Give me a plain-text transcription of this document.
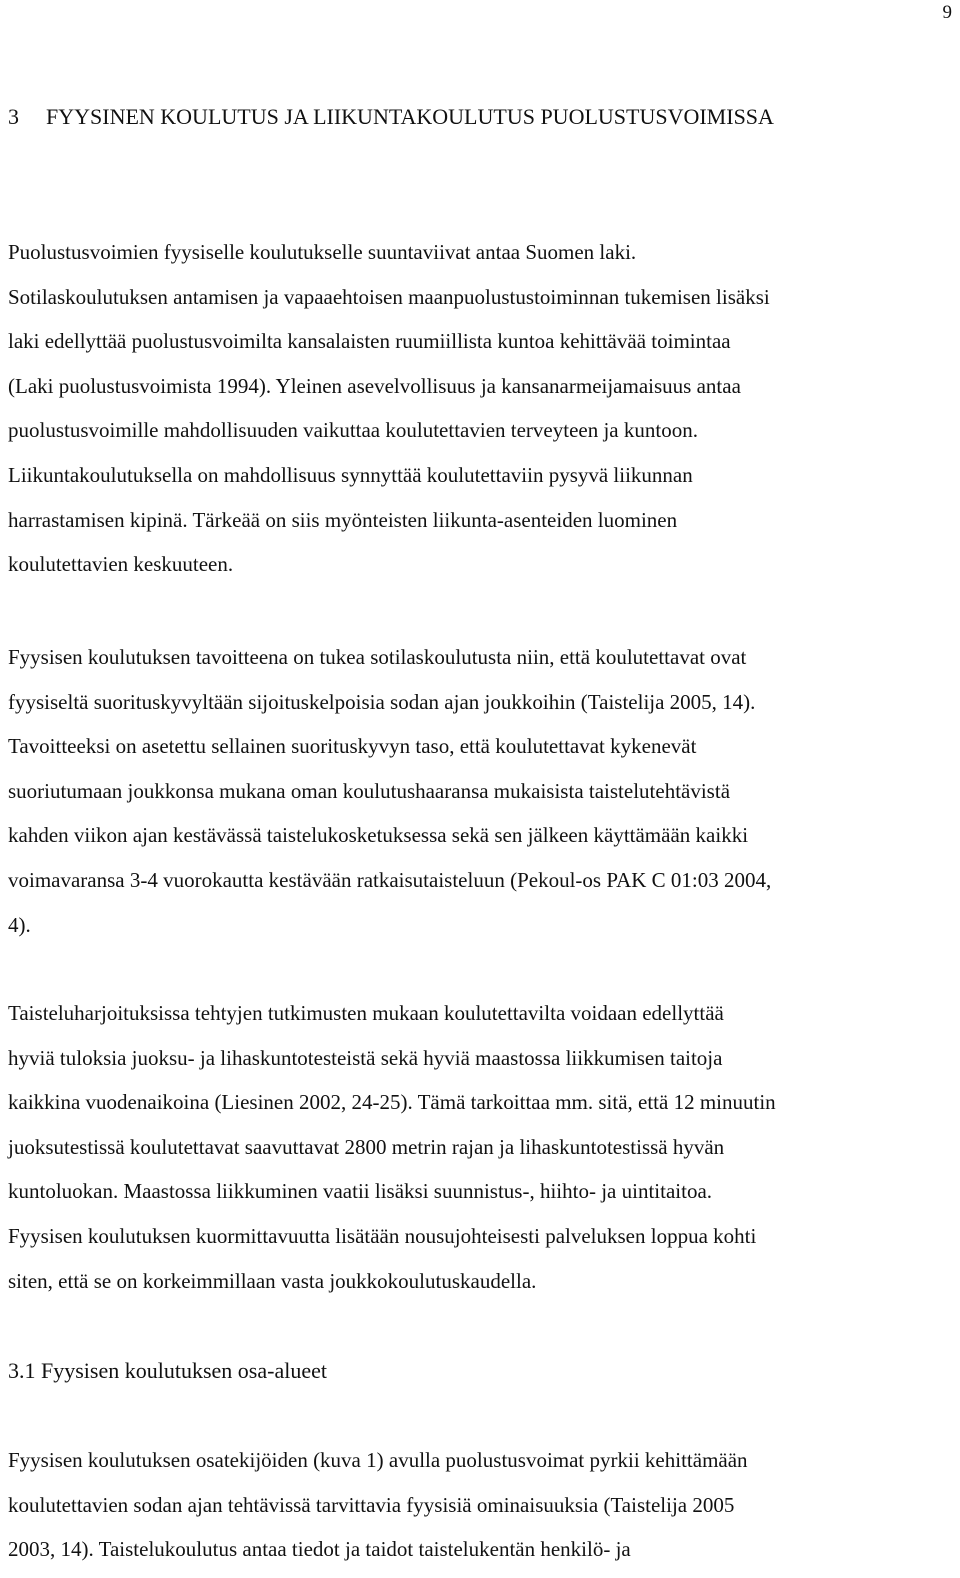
9
3 FYYSINEN KOULUTUS JA LIIKUNTAKOULUTUS PUOLUSTUSVOIMISSA

Puolustusvoimien fyysiselle koulutukselle suuntaviivat antaa Suomen laki.
Sotilaskoulutuksen antamisen ja vapaaehtoisen maanpuolustustoiminnan tukemisen lisäksi
laki edellyttää puolustusvoimilta kansalaisten ruumiillista kuntoa kehittävää toimintaa
(Laki puolustusvoimista 1994). Yleinen asevelvollisuus ja kansanarmeijamaisuus antaa
puolustusvoimille mahdollisuuden vaikuttaa koulutettavien terveyteen ja kuntoon.
Liikuntakoulutuksella on mahdollisuus synnyttää koulutettaviin pysyvä liikunnan
harrastamisen kipinä. Tärkeää on siis myönteisten liikunta-asenteiden luominen
koulutettavien keskuuteen.

Fyysisen koulutuksen tavoitteena on tukea sotilaskoulutusta niin, että koulutettavat ovat
fyysiseltä suorituskyvyltään sijoituskelpoisia sodan ajan joukkoihin (Taistelija 2005, 14).
Tavoitteeksi on asetettu sellainen suorituskyvyn taso, että koulutettavat kykenevät
suoriutumaan joukkonsa mukana oman koulutushaaransa mukaisista taistelutehtävistä
kahden viikon ajan kestävässä taistelukosketuksessa sekä sen jälkeen käyttämään kaikki
voimavaransa 3-4 vuorokautta kestävään ratkaisutaisteluun (Pekoul-os PAK C 01:03 2004,
4).

Taisteluharjoituksissa tehtyjen tutkimusten mukaan koulutettavilta voidaan edellyttää
hyviä tuloksia juoksu- ja lihaskuntotesteistä sekä hyviä maastossa liikkumisen taitoja
kaikkina vuodenaikoina (Liesinen 2002, 24-25). Tämä tarkoittaa mm. sitä, että 12 minuutin
juoksutestissä koulutettavat saavuttavat 2800 metrin rajan ja lihaskuntotestissä hyvän
kuntoluokan. Maastossa liikkuminen vaatii lisäksi suunnistus-, hiihto- ja uintitaitoa.
Fyysisen koulutuksen kuormittavuutta lisätään nousujohteisesti palveluksen loppua kohti
siten, että se on korkeimmillaan vasta joukkokoulutuskaudella.

3.1 Fyysisen koulutuksen osa-alueet

Fyysisen koulutuksen osatekijöiden (kuva 1) avulla puolustusvoimat pyrkii kehittämään
koulutettavien sodan ajan tehtävissä tarvittavia fyysisiä ominaisuuksia (Taistelija 2005
2003, 14). Taistelukoulutus antaa tiedot ja taidot taistelukentän henkilö- ja
